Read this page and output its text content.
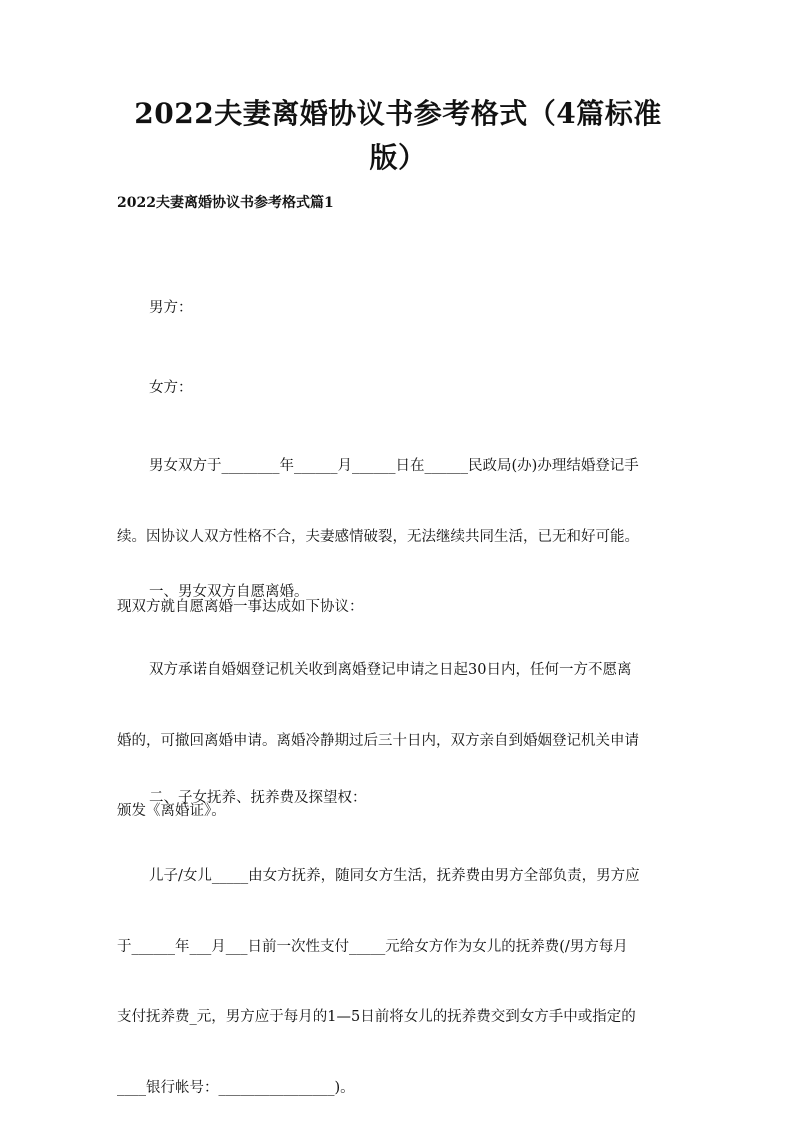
2022夫妻离婚协议书参考格式（4篇标准
版）
2022夫妻离婚协议书参考格式篇1

男方：

女方：

男女双方于________年______月______日在______民政局(办)办理结婚登记手

续。因协议人双方性格不合，夫妻感情破裂，无法继续共同生活，已无和好可能。

现双方就自愿离婚一事达成如下协议：

一、男女双方自愿离婚。

双方承诺自婚姻登记机关收到离婚登记申请之日起30日内，任何一方不愿离

婚的，可撤回离婚申请。离婚冷静期过后三十日内，双方亲自到婚姻登记机关申请

颁发《离婚证》。

二、子女抚养、抚养费及探望权：

儿子/女儿_____由女方抚养，随同女方生活，抚养费由男方全部负责，男方应

于______年___月___日前一次性支付_____元给女方作为女儿的抚养费(/男方每月

支付抚养费_元，男方应于每月的1—5日前将女儿的抚养费交到女方手中或指定的

____银行帐号：________________)。
